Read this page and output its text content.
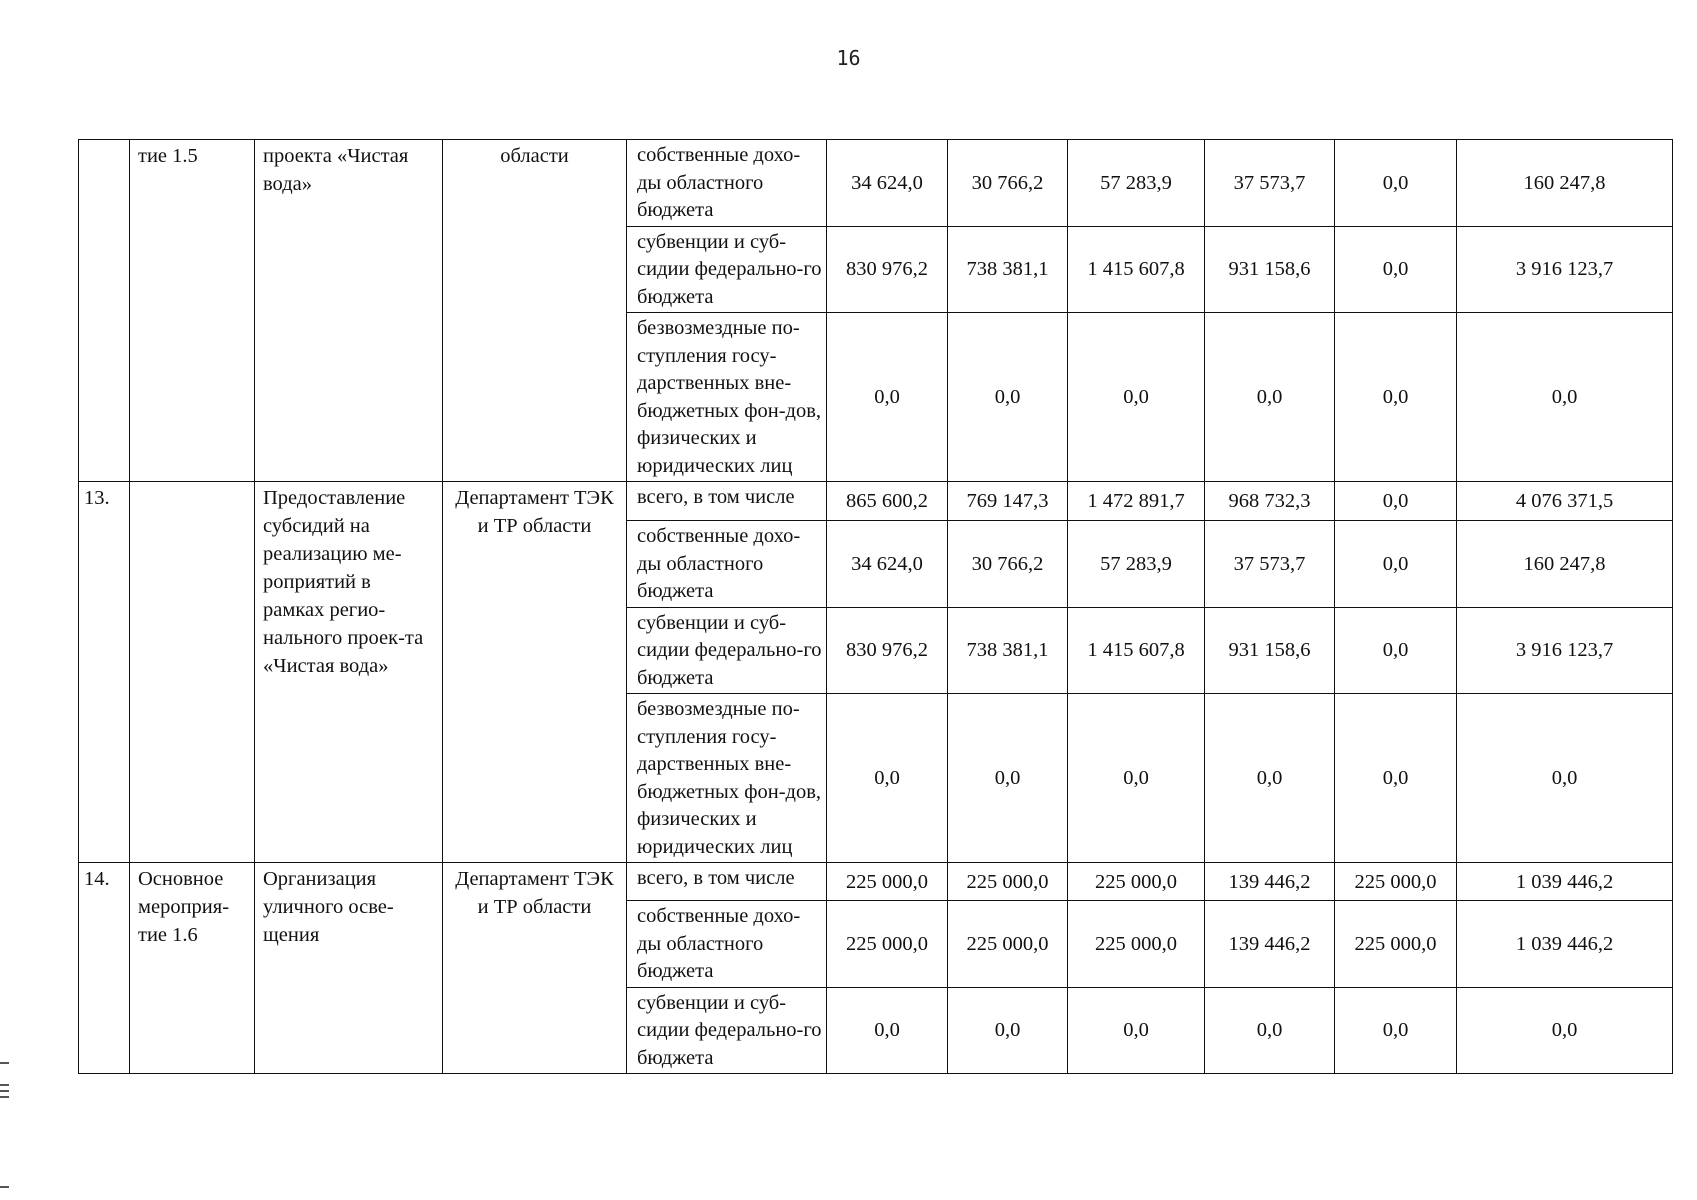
16
	тие 1.5	проекта «Чистая вода»	области	собственные дохо-ды областного бюджета	34 624,0	30 766,2	57 283,9	37 573,7	0,0	160 247,8
				субвенции и суб-сидии федерально-го бюджета	830 976,2	738 381,1	1 415 607,8	931 158,6	0,0	3 916 123,7
				безвозмездные по-ступления госу-дарственных вне-бюджетных фон-дов, физических и юридических лиц	0,0	0,0	0,0	0,0	0,0	0,0
13.		Предоставление субсидий на реализацию ме-роприятий в рамках регио-нального проек-та «Чистая вода»	Департамент ТЭК и ТР области	всего, в том числе	865 600,2	769 147,3	1 472 891,7	968 732,3	0,0	4 076 371,5
				собственные дохо-ды областного бюджета	34 624,0	30 766,2	57 283,9	37 573,7	0,0	160 247,8
				субвенции и суб-сидии федерально-го бюджета	830 976,2	738 381,1	1 415 607,8	931 158,6	0,0	3 916 123,7
				безвозмездные по-ступления госу-дарственных вне-бюджетных фон-дов, физических и юридических лиц	0,0	0,0	0,0	0,0	0,0	0,0
14.	Основное мероприя-тие 1.6	Организация уличного осве-щения	Департамент ТЭК и ТР области	всего, в том числе	225 000,0	225 000,0	225 000,0	139 446,2	225 000,0	1 039 446,2
				собственные дохо-ды областного бюджета	225 000,0	225 000,0	225 000,0	139 446,2	225 000,0	1 039 446,2
				субвенции и суб-сидии федерально-го бюджета	0,0	0,0	0,0	0,0	0,0	0,0
